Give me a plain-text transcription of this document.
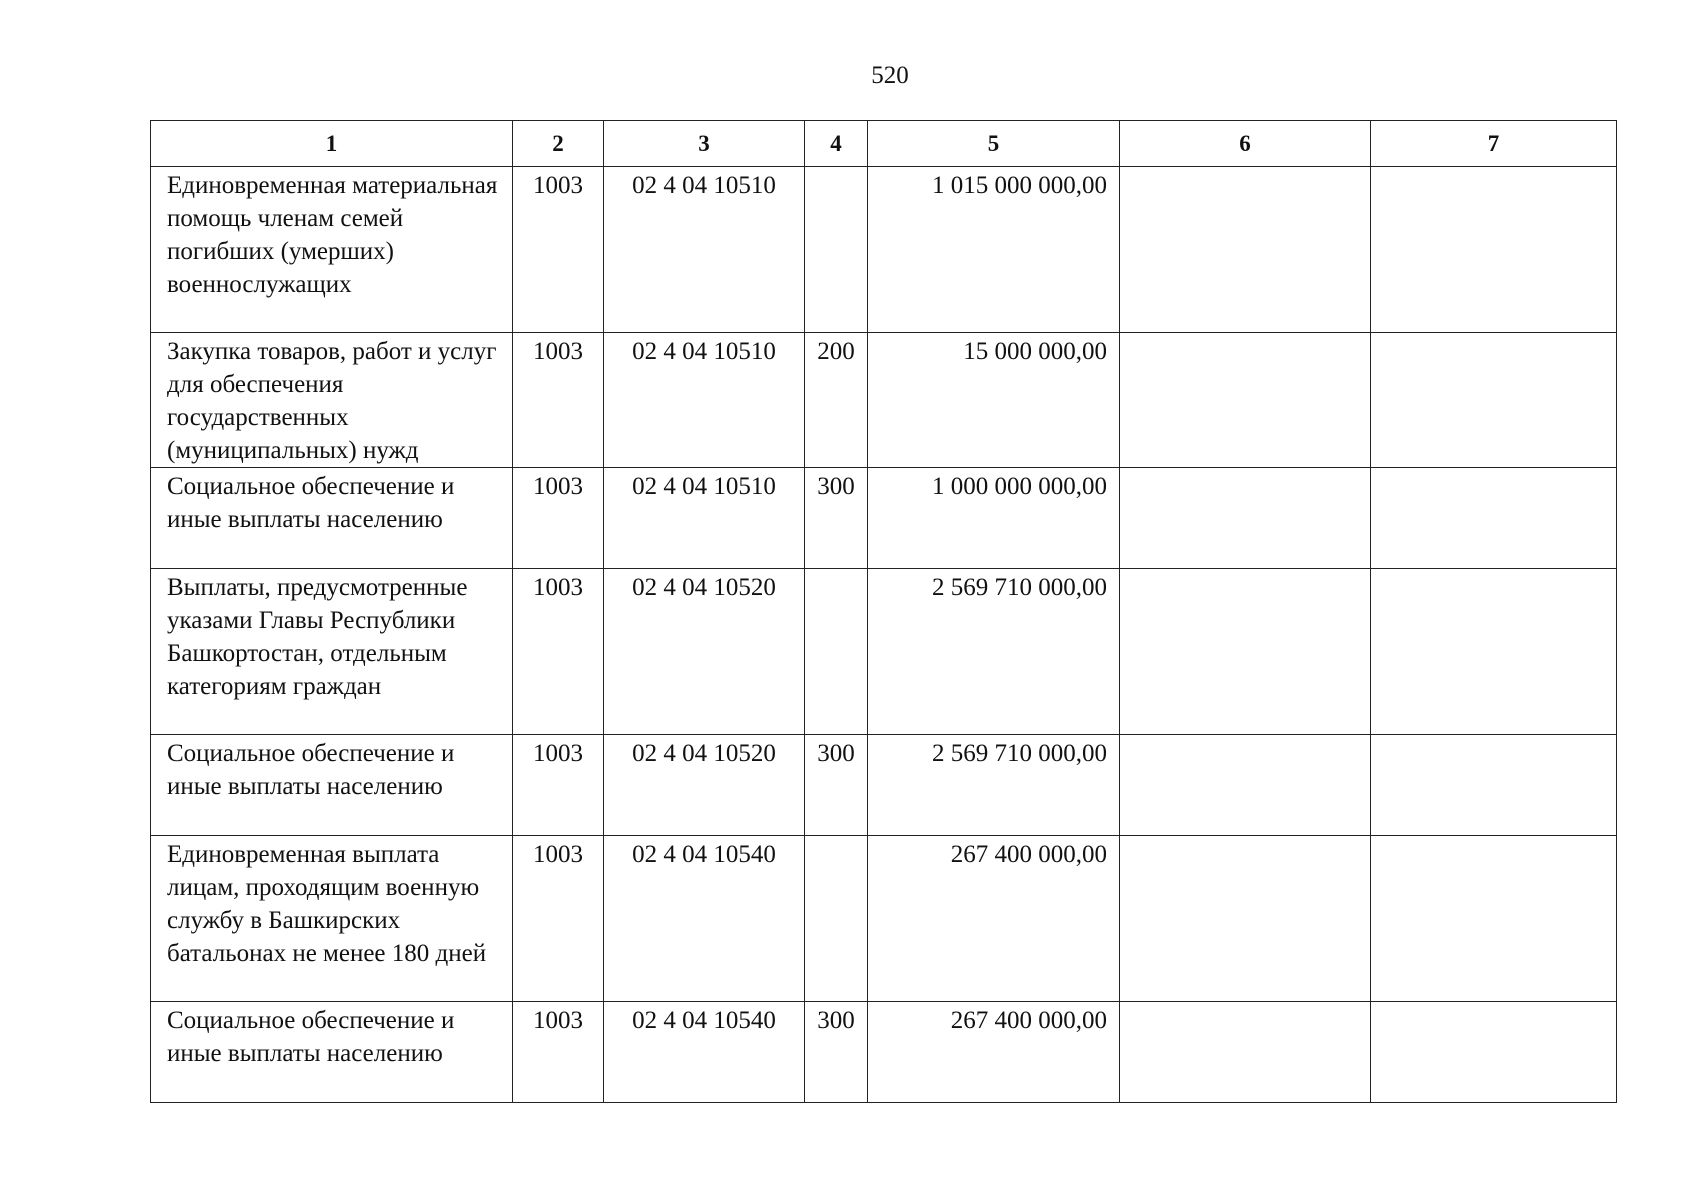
520
1	2	3	4	5	6	7
Единовременная материальная помощь членам семей погибших (умерших) военнослужащих	1003	02 4 04 10510		1 015 000 000,00		
Закупка товаров, работ и услуг для обеспечения государственных (муниципальных) нужд	1003	02 4 04 10510	200	15 000 000,00		
Социальное обеспечение и иные выплаты населению	1003	02 4 04 10510	300	1 000 000 000,00		
Выплаты, предусмотренные указами Главы Республики Башкортостан, отдельным категориям граждан	1003	02 4 04 10520		2 569 710 000,00		
Социальное обеспечение и иные выплаты населению	1003	02 4 04 10520	300	2 569 710 000,00		
Единовременная выплата лицам, проходящим военную службу в Башкирских батальонах не менее 180 дней	1003	02 4 04 10540		267 400 000,00		
Социальное обеспечение и иные выплаты населению	1003	02 4 04 10540	300	267 400 000,00		
